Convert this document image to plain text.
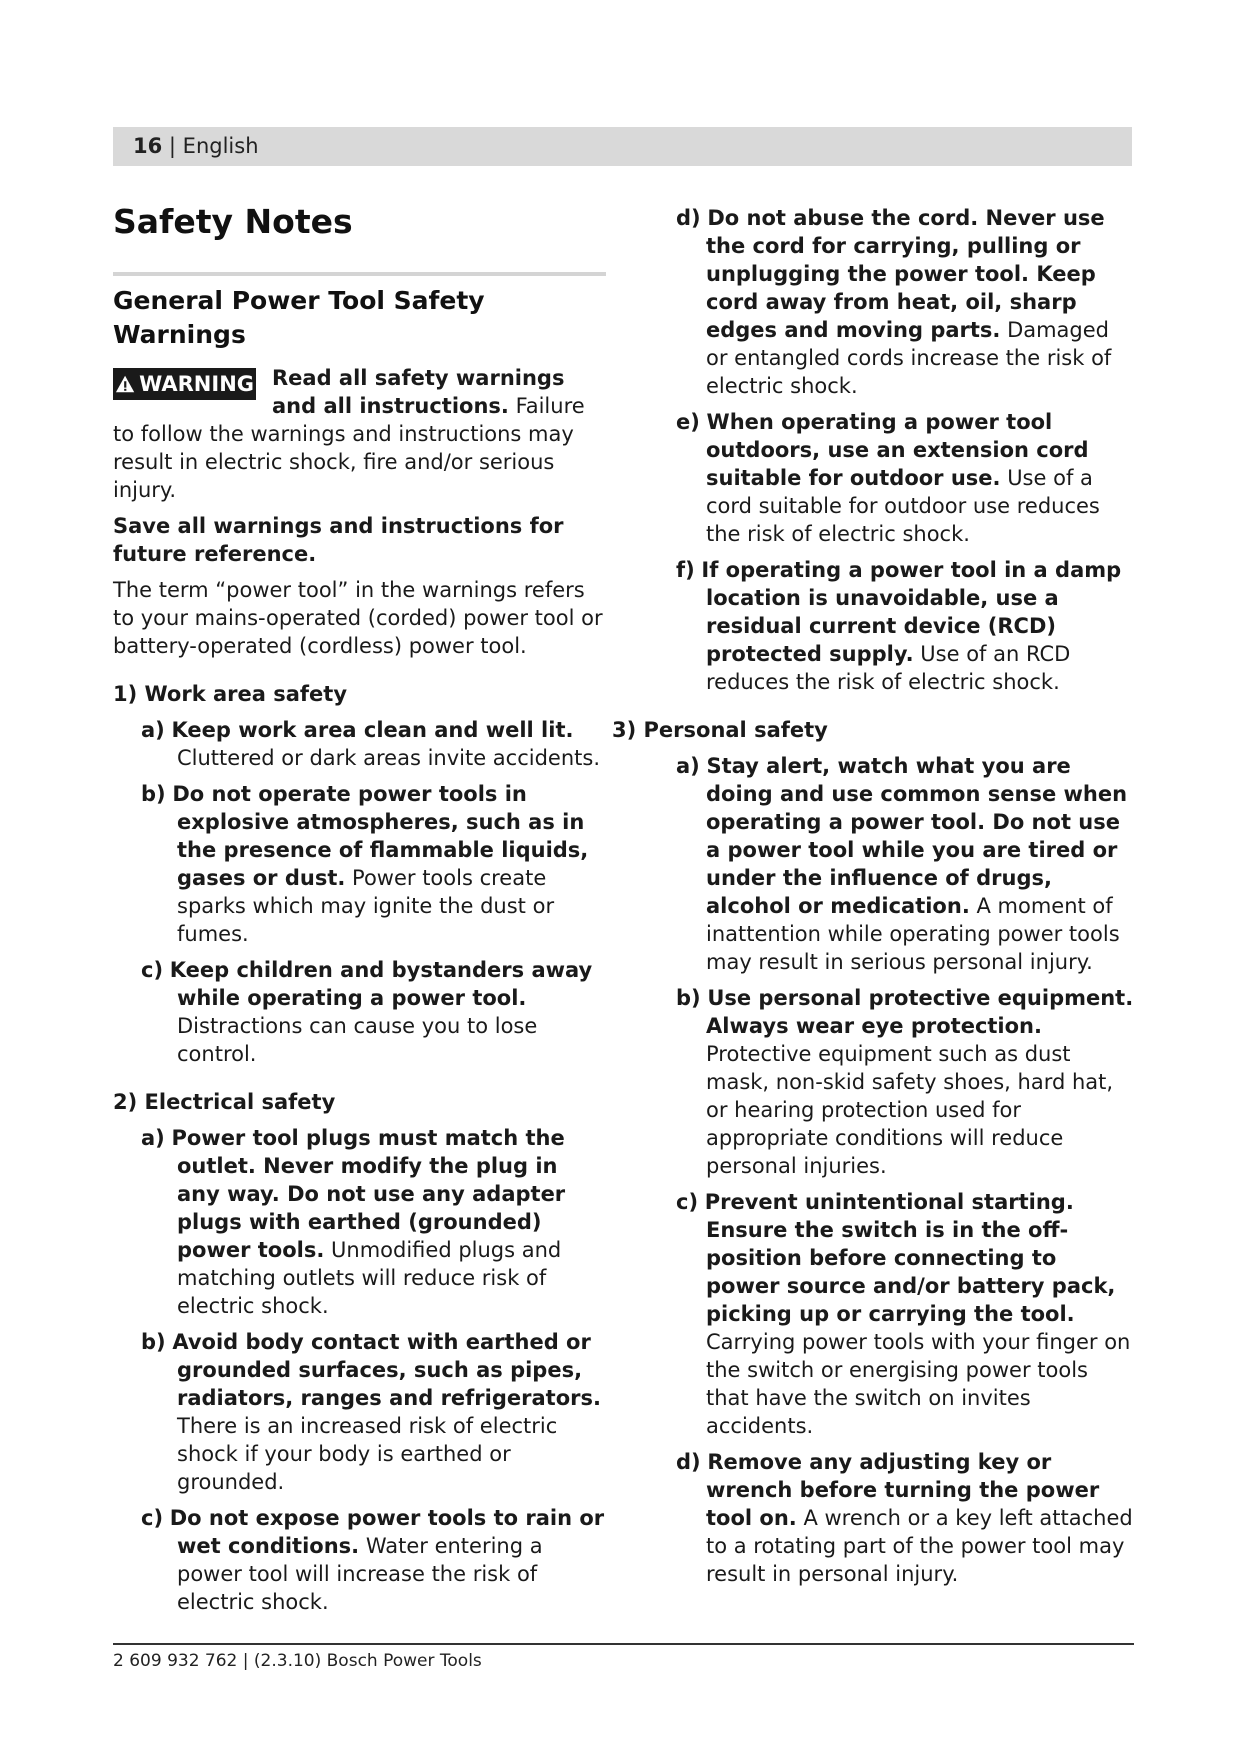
16 | English
Safety Notes
General Power Tool Safety Warnings
WARNING Read all safety warnings and all instructions. Failure to follow the warnings and instructions may result in electric shock, fire and/or serious injury.

Save all warnings and instructions for future reference.

The term “power tool” in the warnings refers to your mains-operated (corded) power tool or battery-operated (cordless) power tool.

1) Work area safety

a) Keep work area clean and well lit. Cluttered or dark areas invite accidents.

b) Do not operate power tools in explosive atmospheres, such as in the presence of flammable liquids, gases or dust. Power tools create sparks which may ignite the dust or fumes.

c) Keep children and bystanders away while operating a power tool. Distractions can cause you to lose control.

2) Electrical safety

a) Power tool plugs must match the outlet. Never modify the plug in any way. Do not use any adapter plugs with earthed (grounded) power tools. Unmodified plugs and matching outlets will reduce risk of electric shock.

b) Avoid body contact with earthed or grounded surfaces, such as pipes, radiators, ranges and refrigerators. There is an increased risk of electric shock if your body is earthed or grounded.

c) Do not expose power tools to rain or wet conditions. Water entering a power tool will increase the risk of electric shock.

d) Do not abuse the cord. Never use the cord for carrying, pulling or unplugging the power tool. Keep cord away from heat, oil, sharp edges and moving parts. Damaged or entangled cords increase the risk of electric shock.

e) When operating a power tool outdoors, use an extension cord suitable for outdoor use. Use of a cord suitable for outdoor use reduces the risk of electric shock.

f) If operating a power tool in a damp location is unavoidable, use a residual current device (RCD) protected supply. Use of an RCD reduces the risk of electric shock.

3) Personal safety

a) Stay alert, watch what you are doing and use common sense when operating a power tool. Do not use a power tool while you are tired or under the influence of drugs, alcohol or medication. A moment of inattention while operating power tools may result in serious personal injury.

b) Use personal protective equipment. Always wear eye protection. Protective equipment such as dust mask, non-skid safety shoes, hard hat, or hearing protection used for appropriate conditions will reduce personal injuries.

c) Prevent unintentional starting. Ensure the switch is in the off-position before connecting to power source and/or battery pack, picking up or carrying the tool. Carrying power tools with your finger on the switch or energising power tools that have the switch on invites accidents.

d) Remove any adjusting key or wrench before turning the power tool on. A wrench or a key left attached to a rotating part of the power tool may result in personal injury.

2 609 932 762 | (2.3.10) Bosch Power Tools
